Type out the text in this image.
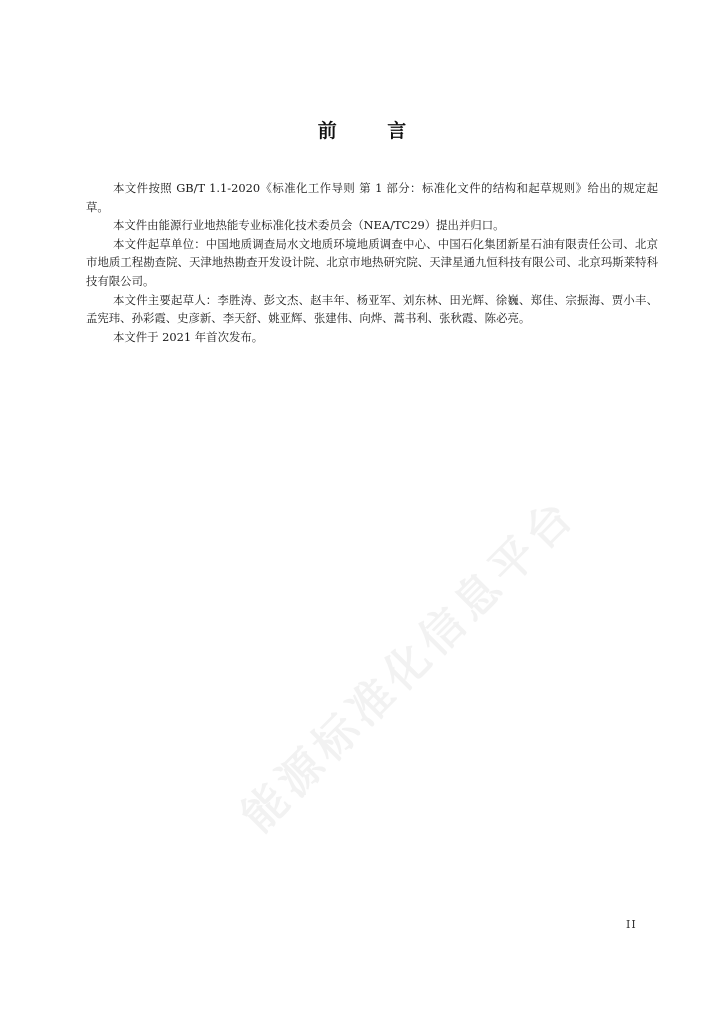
能源标准化信息平台
前 言

本文件按照 GB/T 1.1-2020《标准化工作导则 第 1 部分：标准化文件的结构和起草规则》给出的规定起草。

本文件由能源行业地热能专业标准化技术委员会（NEA/TC29）提出并归口。

本文件起草单位：中国地质调查局水文地质环境地质调查中心、中国石化集团新星石油有限责任公司、北京市地质工程勘查院、天津地热勘查开发设计院、北京市地热研究院、天津星通九恒科技有限公司、北京玛斯莱特科技有限公司。

本文件主要起草人：李胜涛、彭文杰、赵丰年、杨亚军、刘东林、田光辉、徐巍、郑佳、宗振海、贾小丰、孟宪玮、孙彩霞、史彦新、李天舒、姚亚辉、张建伟、向烨、蒿书利、张秋霞、陈必亮。

本文件于 2021 年首次发布。

II
